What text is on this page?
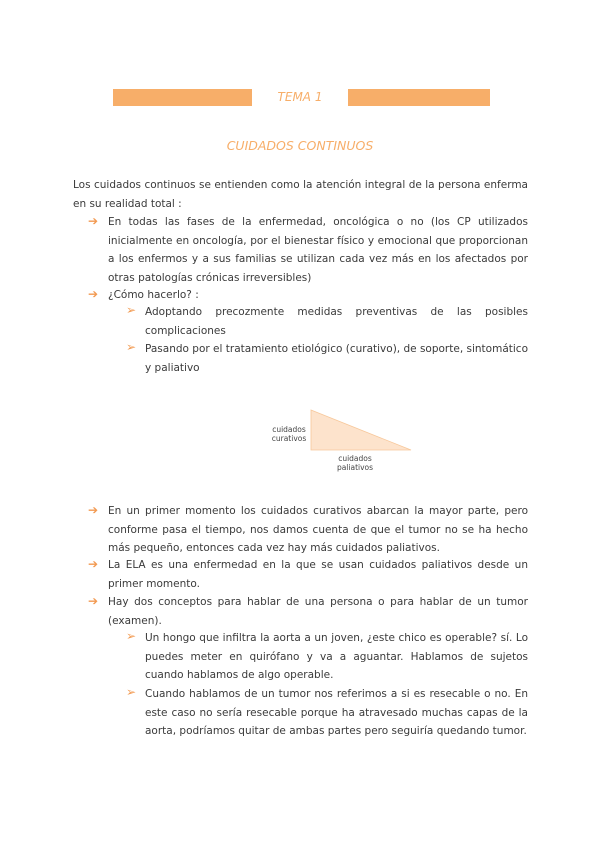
TEMA 1
CUIDADOS CONTINUOS
Los cuidados continuos se entienden como la atención integral de la persona enferma en su realidad total :
➔ En todas las fases de la enfermedad, oncológica o no (los CP utilizados inicialmente en oncología, por el bienestar físico y emocional que proporcionan a los enfermos y a sus familias se utilizan cada vez más en los afectados por otras patologías crónicas irreversibles)
➔ ¿Cómo hacerlo? :
➢ Adoptando precozmente medidas preventivas de las posibles complicaciones
➢ Pasando por el tratamiento etiológico (curativo), de soporte, sintomático y paliativo
cuidados
curativos
cuidados
paliativos
➔ En un primer momento los cuidados curativos abarcan la mayor parte, pero conforme pasa el tiempo, nos damos cuenta de que el tumor no se ha hecho más pequeño, entonces cada vez hay más cuidados paliativos.
➔ La ELA es una enfermedad en la que se usan cuidados paliativos desde un primer momento.
➔ Hay dos conceptos para hablar de una persona o para hablar de un tumor (examen).
➢ Un hongo que infiltra la aorta a un joven, ¿este chico es operable? sí. Lo puedes meter en quirófano y va a aguantar. Hablamos de sujetos cuando hablamos de algo operable.
➢ Cuando hablamos de un tumor nos referimos a si es resecable o no. En este caso no sería resecable porque ha atravesado muchas capas de la aorta, podríamos quitar de ambas partes pero seguiría quedando tumor.
